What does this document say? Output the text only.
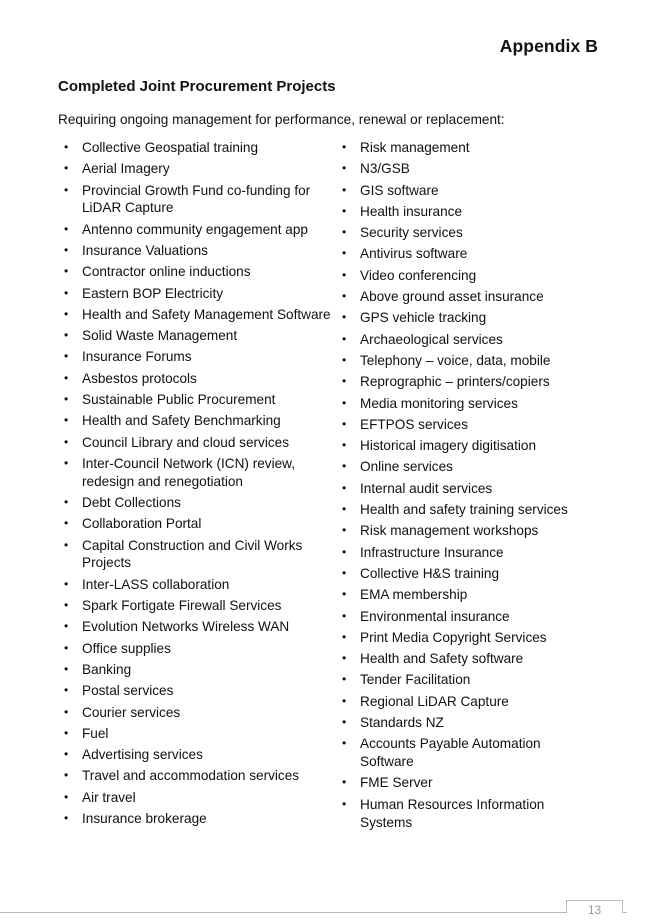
Appendix B
Completed Joint Procurement Projects
Requiring ongoing management for performance, renewal or replacement:
• Collective Geospatial training
• Aerial Imagery
• Provincial Growth Fund co-funding for LiDAR Capture
• Antenno community engagement app
• Insurance Valuations
• Contractor online inductions
• Eastern BOP Electricity
• Health and Safety Management Software
• Solid Waste Management
• Insurance Forums
• Asbestos protocols
• Sustainable Public Procurement
• Health and Safety Benchmarking
• Council Library and cloud services
• Inter-Council Network (ICN) review, redesign and renegotiation
• Debt Collections
• Collaboration Portal
• Capital Construction and Civil Works Projects
• Inter-LASS collaboration
• Spark Fortigate Firewall Services
• Evolution Networks Wireless WAN
• Office supplies
• Banking
• Postal services
• Courier services
• Fuel
• Advertising services
• Travel and accommodation services
• Air travel
• Insurance brokerage
• Risk management
• N3/GSB
• GIS software
• Health insurance
• Security services
• Antivirus software
• Video conferencing
• Above ground asset insurance
• GPS vehicle tracking
• Archaeological services
• Telephony – voice, data, mobile
• Reprographic – printers/copiers
• Media monitoring services
• EFTPOS services
• Historical imagery digitisation
• Online services
• Internal audit services
• Health and safety training services
• Risk management workshops
• Infrastructure Insurance
• Collective H&S training
• EMA membership
• Environmental insurance
• Print Media Copyright Services
• Health and Safety software
• Tender Facilitation
• Regional LiDAR Capture
• Standards NZ
• Accounts Payable Automation Software
• FME Server
• Human Resources Information Systems
13
